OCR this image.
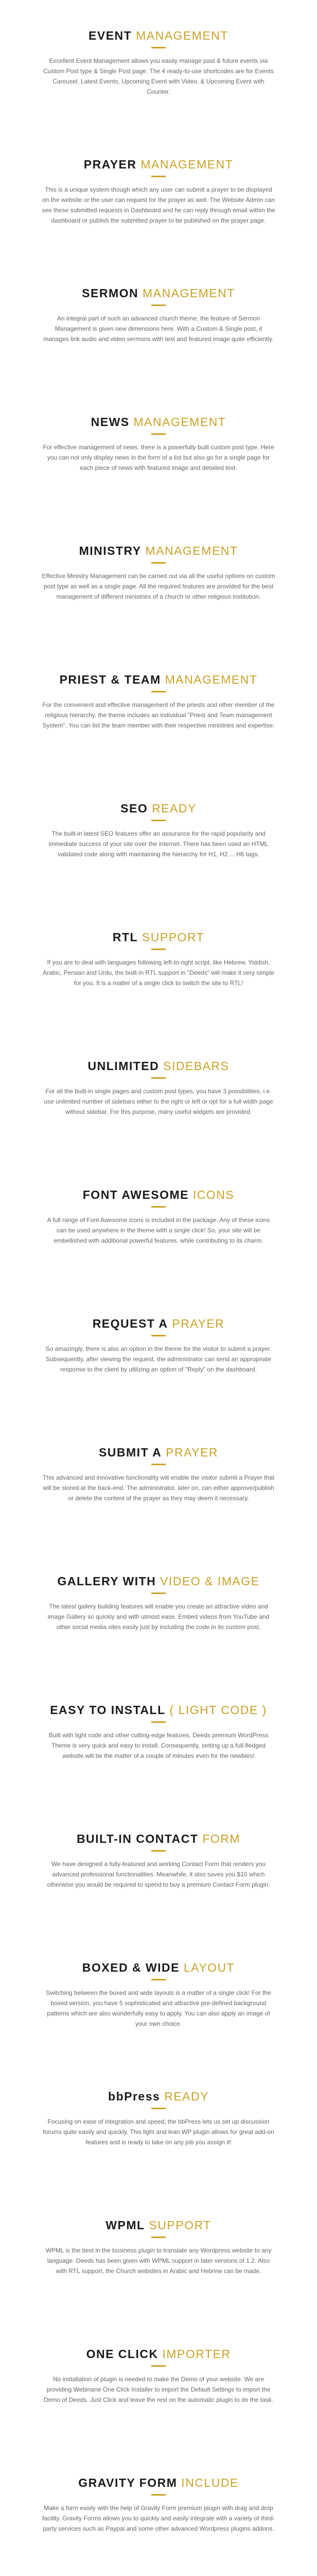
EVENT MANAGEMENT

Excellent Event Management allows you easily manage past & future events via Custom Post type & Single Post page. The 4 ready-to-use shortcodes are for Events Carousel, Latest Events, Upcoming Event with Video, & Upcoming Event with Counter.

PRAYER MANAGEMENT

This is a unique system though which any user can submit a prayer to be displayed on the website or the user can request for the prayer as well. The Website Admin can see these submitted requests in Dashboard and he can reply through email within the dashboard or publish the submitted prayer to be published on the prayer page.

SERMON MANAGEMENT

An integral part of such an advanced church theme, the feature of Sermon Management is given new dimensions here. With a Custom & Single post, it manages link audio and video sermons with text and featured image quite efficiently.

NEWS MANAGEMENT

For effective management of news, there is a powerfully built custom post type. Here you can not only display news in the form of a list but also go for a single page for each piece of news with featured image and detailed text.

MINISTRY MANAGEMENT

Effective Ministry Management can be carried out via all the useful options on custom post type as well as a single page. All the required features are provided for the best management of different ministries of a church or other religious institution.

PRIEST & TEAM MANAGEMENT

For the convenient and effective management of the priests and other member of the religious hierarchy, the theme includes an individual "Priest and Team management System". You can list the team member with their respective ministries and expertise.

SEO READY

The built-in latest SEO features offer an assurance for the rapid popularity and immediate success of your site over the internet. There has been used an HTML validated code along with maintaining the hierarchy for H1, H2 ... H6 tags.

RTL SUPPORT

If you are to deal with languages following left-to-right script, like Hebrew, Yiddish, Arabic, Persian and Urdu, the built-in RTL support in "Deeds" will make it very simple for you. It is a matter of a single click to switch the site to RTL!

UNLIMITED SIDEBARS

For all the built-in single pages and custom post types, you have 3 possibilities, i.e. use unlimited number of sidebars either to the right or left or opt for a full width page without sidebar. For this purpose, many useful widgets are provided.

FONT AWESOME ICONS

A full range of Font Awesome icons is included in the package. Any of these icons can be used anywhere in the theme with a single click! So, your site will be embellished with additional powerful features, while contributing to its charm.

REQUEST A PRAYER

So amazingly, there is also an option in the theme for the visitor to submit a prayer. Subsequently, after viewing the request, the administrator can send an appropriate response to the client by utilizing an option of "Reply" on the dashboard.

SUBMIT A PRAYER

This advanced and innovative functionality will enable the visitor submit a Prayer that will be stored at the back-end. The administrator, later on, can either approve/publish or delete the content of the prayer as they may deem it necessary.

GALLERY WITH VIDEO & IMAGE

The latest gallery building features will enable you create an attractive video and image Gallery so quickly and with utmost ease. Embed videos from YouTube and other social media sites easily just by including the code in its custom post.

EASY TO INSTALL ( LIGHT CODE )

Built with light code and other cutting-edge features, Deeds premium WordPress Theme is very quick and easy to install. Consequently, setting up a full-fledged website will be the matter of a couple of minutes even for the newbies!

BUILT-IN CONTACT FORM

We have designed a fully-featured and working Contact Form that renders you advanced professional functionalities. Meanwhile, it also saves you $10 which otherwise you would be required to spend to buy a premium Contact Form plugin.

BOXED & WIDE LAYOUT

Switching between the boxed and wide layouts is a matter of a single click! For the boxed version, you have 5 sophisticated and attractive pre-defined background patterns which are also wonderfully easy to apply. You can also apply an image of your own choice.

bbPress READY

Focusing on ease of integration and speed, the bbPress lets us set up discussion forums quite easily and quickly. This light and lean WP plugin allows for great add-on features and is ready to take on any job you assign it!

WPML SUPPORT

WPML is the best in the business plugin to translate any Wordpress website to any language. Deeds has been given with WPML support in later versions of 1.2. Also with RTL support, the Church websites in Arabic and Hebrew can be made.

ONE CLICK IMPORTER

No installation of plugin is needed to make the Demo of your website. We are providing Webinane One Click Installer to import the Default Settings to import the Demo of Deeds. Just Click and leave the rest on the automatic plugin to do the task.

GRAVITY FORM INCLUDE

Make a form easily with the help of Gravity Form premium plugin with drag and drop facility. Gravity Forms allows you to quickly and easily integrate with a variety of third-party services such as Paypal and some other advanced Wordpress plugins addons.
